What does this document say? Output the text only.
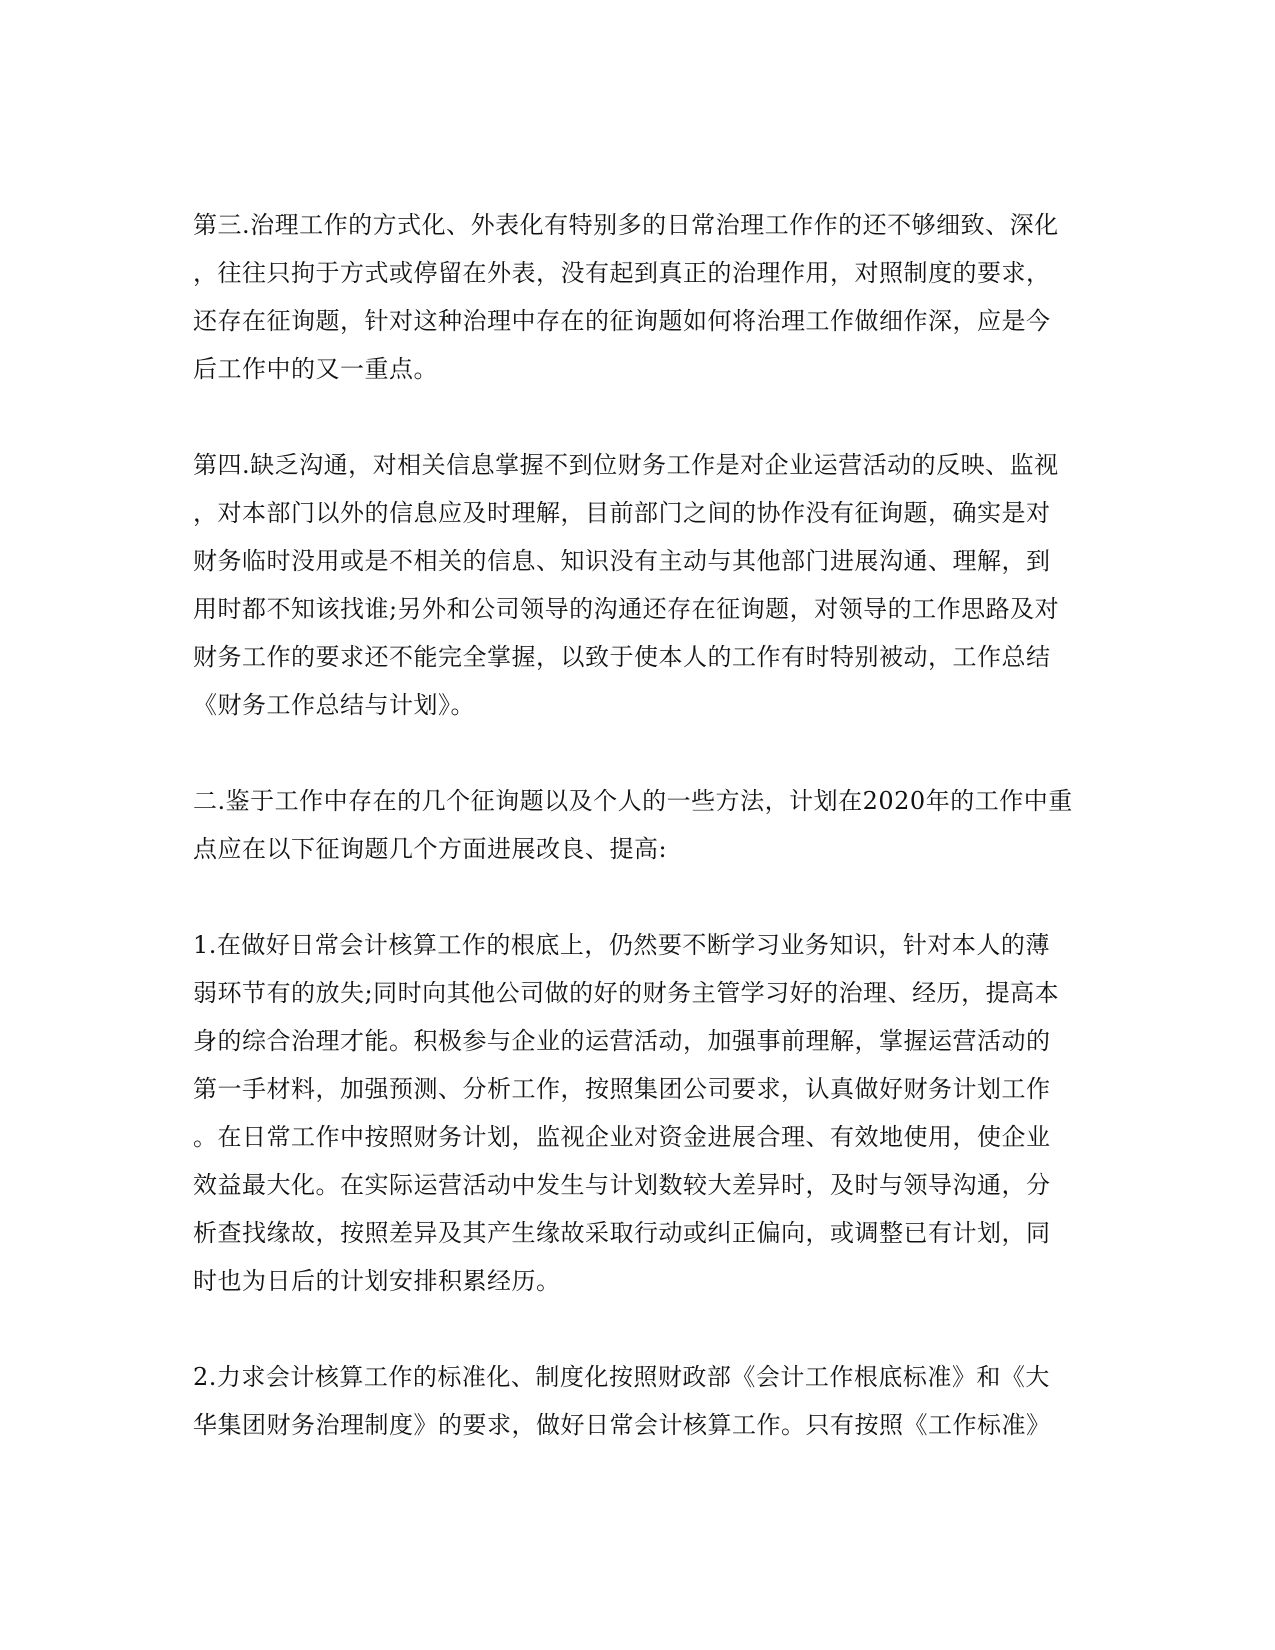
第三.治理工作的方式化、外表化有特别多的日常治理工作作的还不够细致、深化
，往往只拘于方式或停留在外表，没有起到真正的治理作用，对照制度的要求，
还存在征询题，针对这种治理中存在的征询题如何将治理工作做细作深，应是今
后工作中的又一重点。
第四.缺乏沟通，对相关信息掌握不到位财务工作是对企业运营活动的反映、监视
，对本部门以外的信息应及时理解，目前部门之间的协作没有征询题，确实是对
财务临时没用或是不相关的信息、知识没有主动与其他部门进展沟通、理解，到
用时都不知该找谁;另外和公司领导的沟通还存在征询题，对领导的工作思路及对
财务工作的要求还不能完全掌握，以致于使本人的工作有时特别被动，工作总结
《财务工作总结与计划》。
二.鉴于工作中存在的几个征询题以及个人的一些方法，计划在2020年的工作中重
点应在以下征询题几个方面进展改良、提高:
1.在做好日常会计核算工作的根底上，仍然要不断学习业务知识，针对本人的薄
弱环节有的放失;同时向其他公司做的好的财务主管学习好的治理、经历，提高本
身的综合治理才能。积极参与企业的运营活动，加强事前理解，掌握运营活动的
第一手材料，加强预测、分析工作，按照集团公司要求，认真做好财务计划工作
。在日常工作中按照财务计划，监视企业对资金进展合理、有效地使用，使企业
效益最大化。在实际运营活动中发生与计划数较大差异时，及时与领导沟通，分
析查找缘故，按照差异及其产生缘故采取行动或纠正偏向，或调整已有计划，同
时也为日后的计划安排积累经历。
2.力求会计核算工作的标准化、制度化按照财政部《会计工作根底标准》和《大
华集团财务治理制度》的要求，做好日常会计核算工作。只有按照《工作标准》
